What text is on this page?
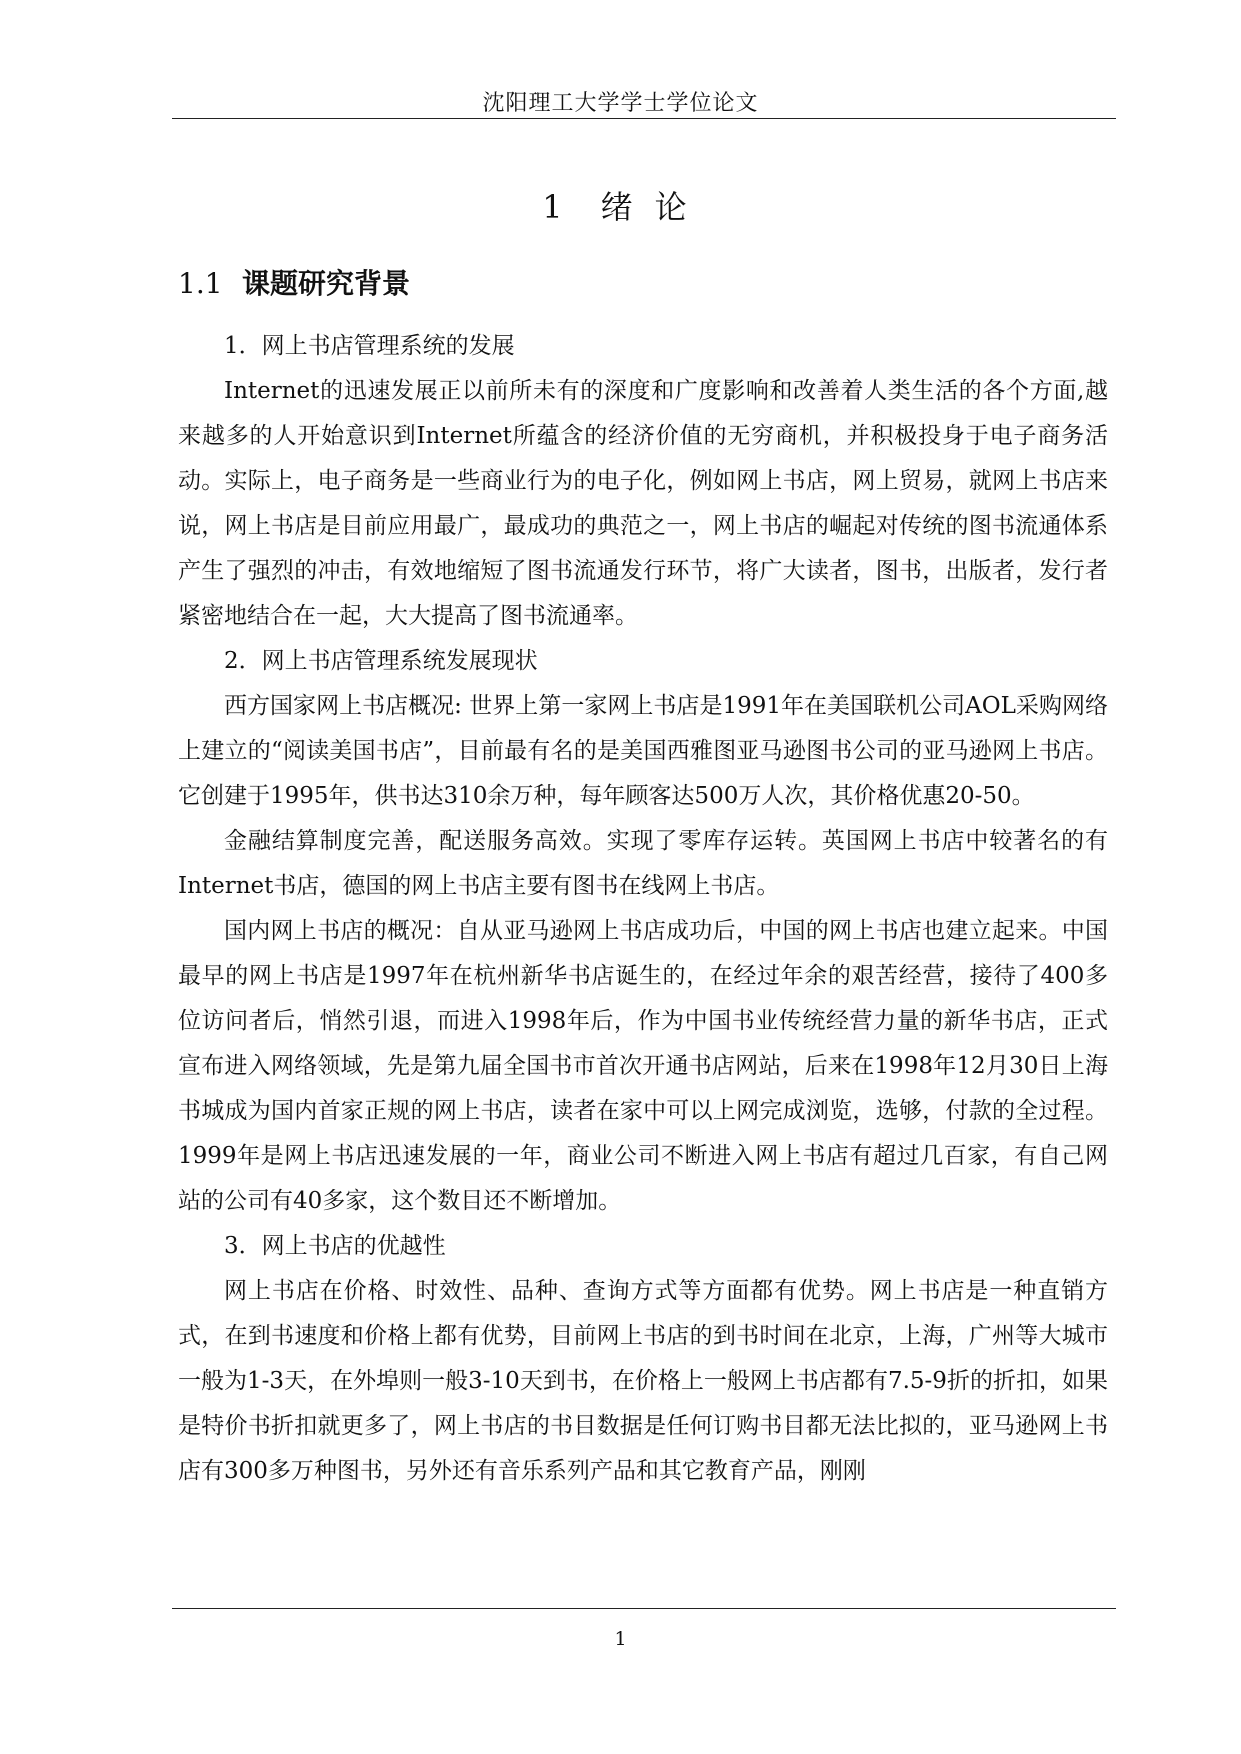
沈阳理工大学学士学位论文
1 绪 论
1.1 课题研究背景

1．网上书店管理系统的发展

Internet的迅速发展正以前所未有的深度和广度影响和改善着人类生活的各个方面,越来越多的人开始意识到Internet所蕴含的经济价值的无穷商机，并积极投身于电子商务活动。实际上，电子商务是一些商业行为的电子化，例如网上书店，网上贸易，就网上书店来说，网上书店是目前应用最广，最成功的典范之一，网上书店的崛起对传统的图书流通体系产生了强烈的冲击，有效地缩短了图书流通发行环节，将广大读者，图书，出版者，发行者紧密地结合在一起，大大提高了图书流通率。

2．网上书店管理系统发展现状

西方国家网上书店概况: 世界上第一家网上书店是1991年在美国联机公司AOL采购网络上建立的“阅读美国书店”，目前最有名的是美国西雅图亚马逊图书公司的亚马逊网上书店。它创建于1995年，供书达310余万种，每年顾客达500万人次，其价格优惠20-50。

金融结算制度完善，配送服务高效。实现了零库存运转。英国网上书店中较著名的有Internet书店，德国的网上书店主要有图书在线网上书店。

国内网上书店的概况：自从亚马逊网上书店成功后，中国的网上书店也建立起来。中国最早的网上书店是1997年在杭州新华书店诞生的，在经过年余的艰苦经营，接待了400多位访问者后，悄然引退，而进入1998年后，作为中国书业传统经营力量的新华书店，正式宣布进入网络领域，先是第九届全国书市首次开通书店网站，后来在1998年12月30日上海书城成为国内首家正规的网上书店，读者在家中可以上网完成浏览，选够，付款的全过程。1999年是网上书店迅速发展的一年，商业公司不断进入网上书店有超过几百家，有自己网站的公司有40多家，这个数目还不断增加。

3．网上书店的优越性

网上书店在价格、时效性、品种、查询方式等方面都有优势。网上书店是一种直销方式，在到书速度和价格上都有优势，目前网上书店的到书时间在北京，上海，广州等大城市一般为1-3天，在外埠则一般3-10天到书，在价格上一般网上书店都有7.5-9折的折扣，如果是特价书折扣就更多了，网上书店的书目数据是任何订购书目都无法比拟的，亚马逊网上书店有300多万种图书，另外还有音乐系列产品和其它教育产品，刚刚

1
